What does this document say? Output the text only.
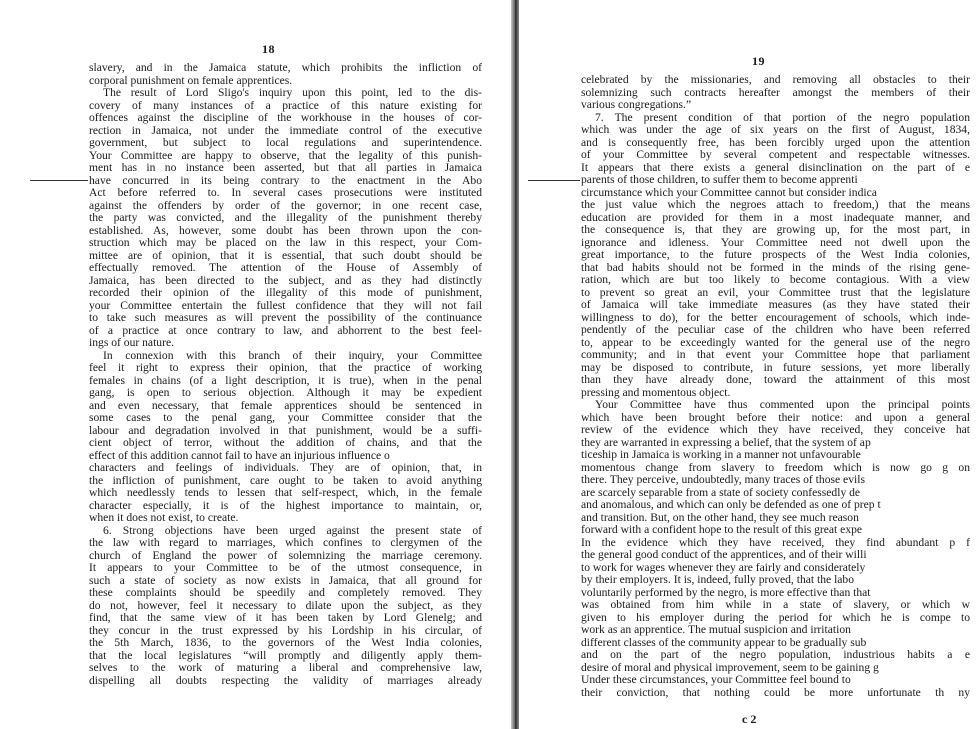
18
slavery, and in the Jamaica statute, which prohibits the infliction of
corporal punishment on female apprentices.
The result of Lord Sligo's inquiry upon this point, led to the dis-
covery of many instances of a practice of this nature existing for
offences against the discipline of the workhouse in the houses of cor-
rection in Jamaica, not under the immediate control of the executive
government, but subject to local regulations and superintendence.
Your Committee are happy to observe, that the legality of this punish-
ment has in no instance been asserted, but that all parties in Jamaica
have concurred in its being contrary to the enactment in the Abo
Act before referred to. In several cases prosecutions were instituted
against the offenders by order of the governor; in one recent case,
the party was convicted, and the illegality of the punishment thereby
established. As, however, some doubt has been thrown upon the con-
struction which may be placed on the law in this respect, your Com-
mittee are of opinion, that it is essential, that such doubt should be
effectually removed. The attention of the House of Assembly of
Jamaica, has been directed to the subject, and as they had distinctly
recorded their opinion of the illegality of this mode of punishment,
your Committee entertain the fullest confidence that they will not fail
to take such measures as will prevent the possibility of the continuance
of a practice at once contrary to law, and abhorrent to the best feel-
ings of our nature.
In connexion with this branch of their inquiry, your Committee
feel it right to express their opinion, that the practice of working
females in chains (of a light description, it is true), when in the penal
gang, is open to serious objection. Although it may be expedient
and even necessary, that female apprentices should be sentenced in
some cases to the penal gang, your Committee consider that the
labour and degradation involved in that punishment, would be a suffi-
cient object of terror, without the addition of chains, and that the
effect of this addition cannot fail to have an injurious influence o
characters and feelings of individuals. They are of opinion, that, in
the infliction of punishment, care ought to be taken to avoid anything
which needlessly tends to lessen that self-respect, which, in the female
character especially, it is of the highest importance to maintain, or,
when it does not exist, to create.
6. Strong objections have been urged against the present state of
the law with regard to marriages, which confines to clergymen of the
church of England the power of solemnizing the marriage ceremony.
It appears to your Committee to be of the utmost consequence, in
such a state of society as now exists in Jamaica, that all ground for
these complaints should be speedily and completely removed. They
do not, however, feel it necessary to dilate upon the subject, as they
find, that the same view of it has been taken by Lord Glenelg; and
they concur in the trust expressed by his Lordship in his circular, of
the 5th March, 1836, to the governors of the West India colonies,
that the local legislatures “will promptly and diligently apply them-
selves to the work of maturing a liberal and comprehensive law,
dispelling all doubts respecting the validity of marriages already
19
celebrated by the missionaries, and removing all obstacles to their
solemnizing such contracts hereafter amongst the members of their
various congregations.”
7. The present condition of that portion of the negro population
which was under the age of six years on the first of August, 1834,
and is consequently free, has been forcibly urged upon the attention
of your Committee by several competent and respectable witnesses.
It appears that there exists a general disinclination on the part of e
parents of those children, to suffer them to become apprenti
circumstance which your Committee cannot but consider indica
the just value which the negroes attach to freedom,) that the means
education are provided for them in a most inadequate manner, and
the consequence is, that they are growing up, for the most part, in
ignorance and idleness. Your Committee need not dwell upon the
great importance, to the future prospects of the West India colonies,
that bad habits should not be formed in the minds of the rising gene-
ration, which are but too likely to become contagious. With a view
to prevent so great an evil, your Committee trust that the legislature
of Jamaica will take immediate measures (as they have stated their
willingness to do), for the better encouragement of schools, which inde-
pendently of the peculiar case of the children who have been referred
to, appear to be exceedingly wanted for the general use of the negro
community; and in that event your Committee hope that parliament
may be disposed to contribute, in future sessions, yet more liberally
than they have already done, toward the attainment of this most
pressing and momentous object.
Your Committee have thus commented upon the principal points
which have been brought before their notice: and upon a general
review of the evidence which they have received, they conceive hat
they are warranted in expressing a belief, that the system of ap
ticeship in Jamaica is working in a manner not unfavourable
momentous change from slavery to freedom which is now go g on
there. They perceive, undoubtedly, many traces of those evils
are scarcely separable from a state of society confessedly de
and anomalous, and which can only be defended as one of prep t
and transition. But, on the other hand, they see much reason
forward with a confident hope to the result of this great expe
In the evidence which they have received, they find abundant p f
the general good conduct of the apprentices, and of their willi
to work for wages whenever they are fairly and considerately
by their employers. It is, indeed, fully proved, that the labo
voluntarily performed by the negro, is more effective than that
was obtained from him while in a state of slavery, or which w
given to his employer during the period for which he is compe to
work as an apprentice. The mutual suspicion and irritation
different classes of the community appear to be gradually sub
and on the part of the negro population, industrious habits a e
desire of moral and physical improvement, seem to be gaining g
Under these circumstances, your Committee feel bound to
their conviction, that nothing could be more unfortunate th ny
c 2
